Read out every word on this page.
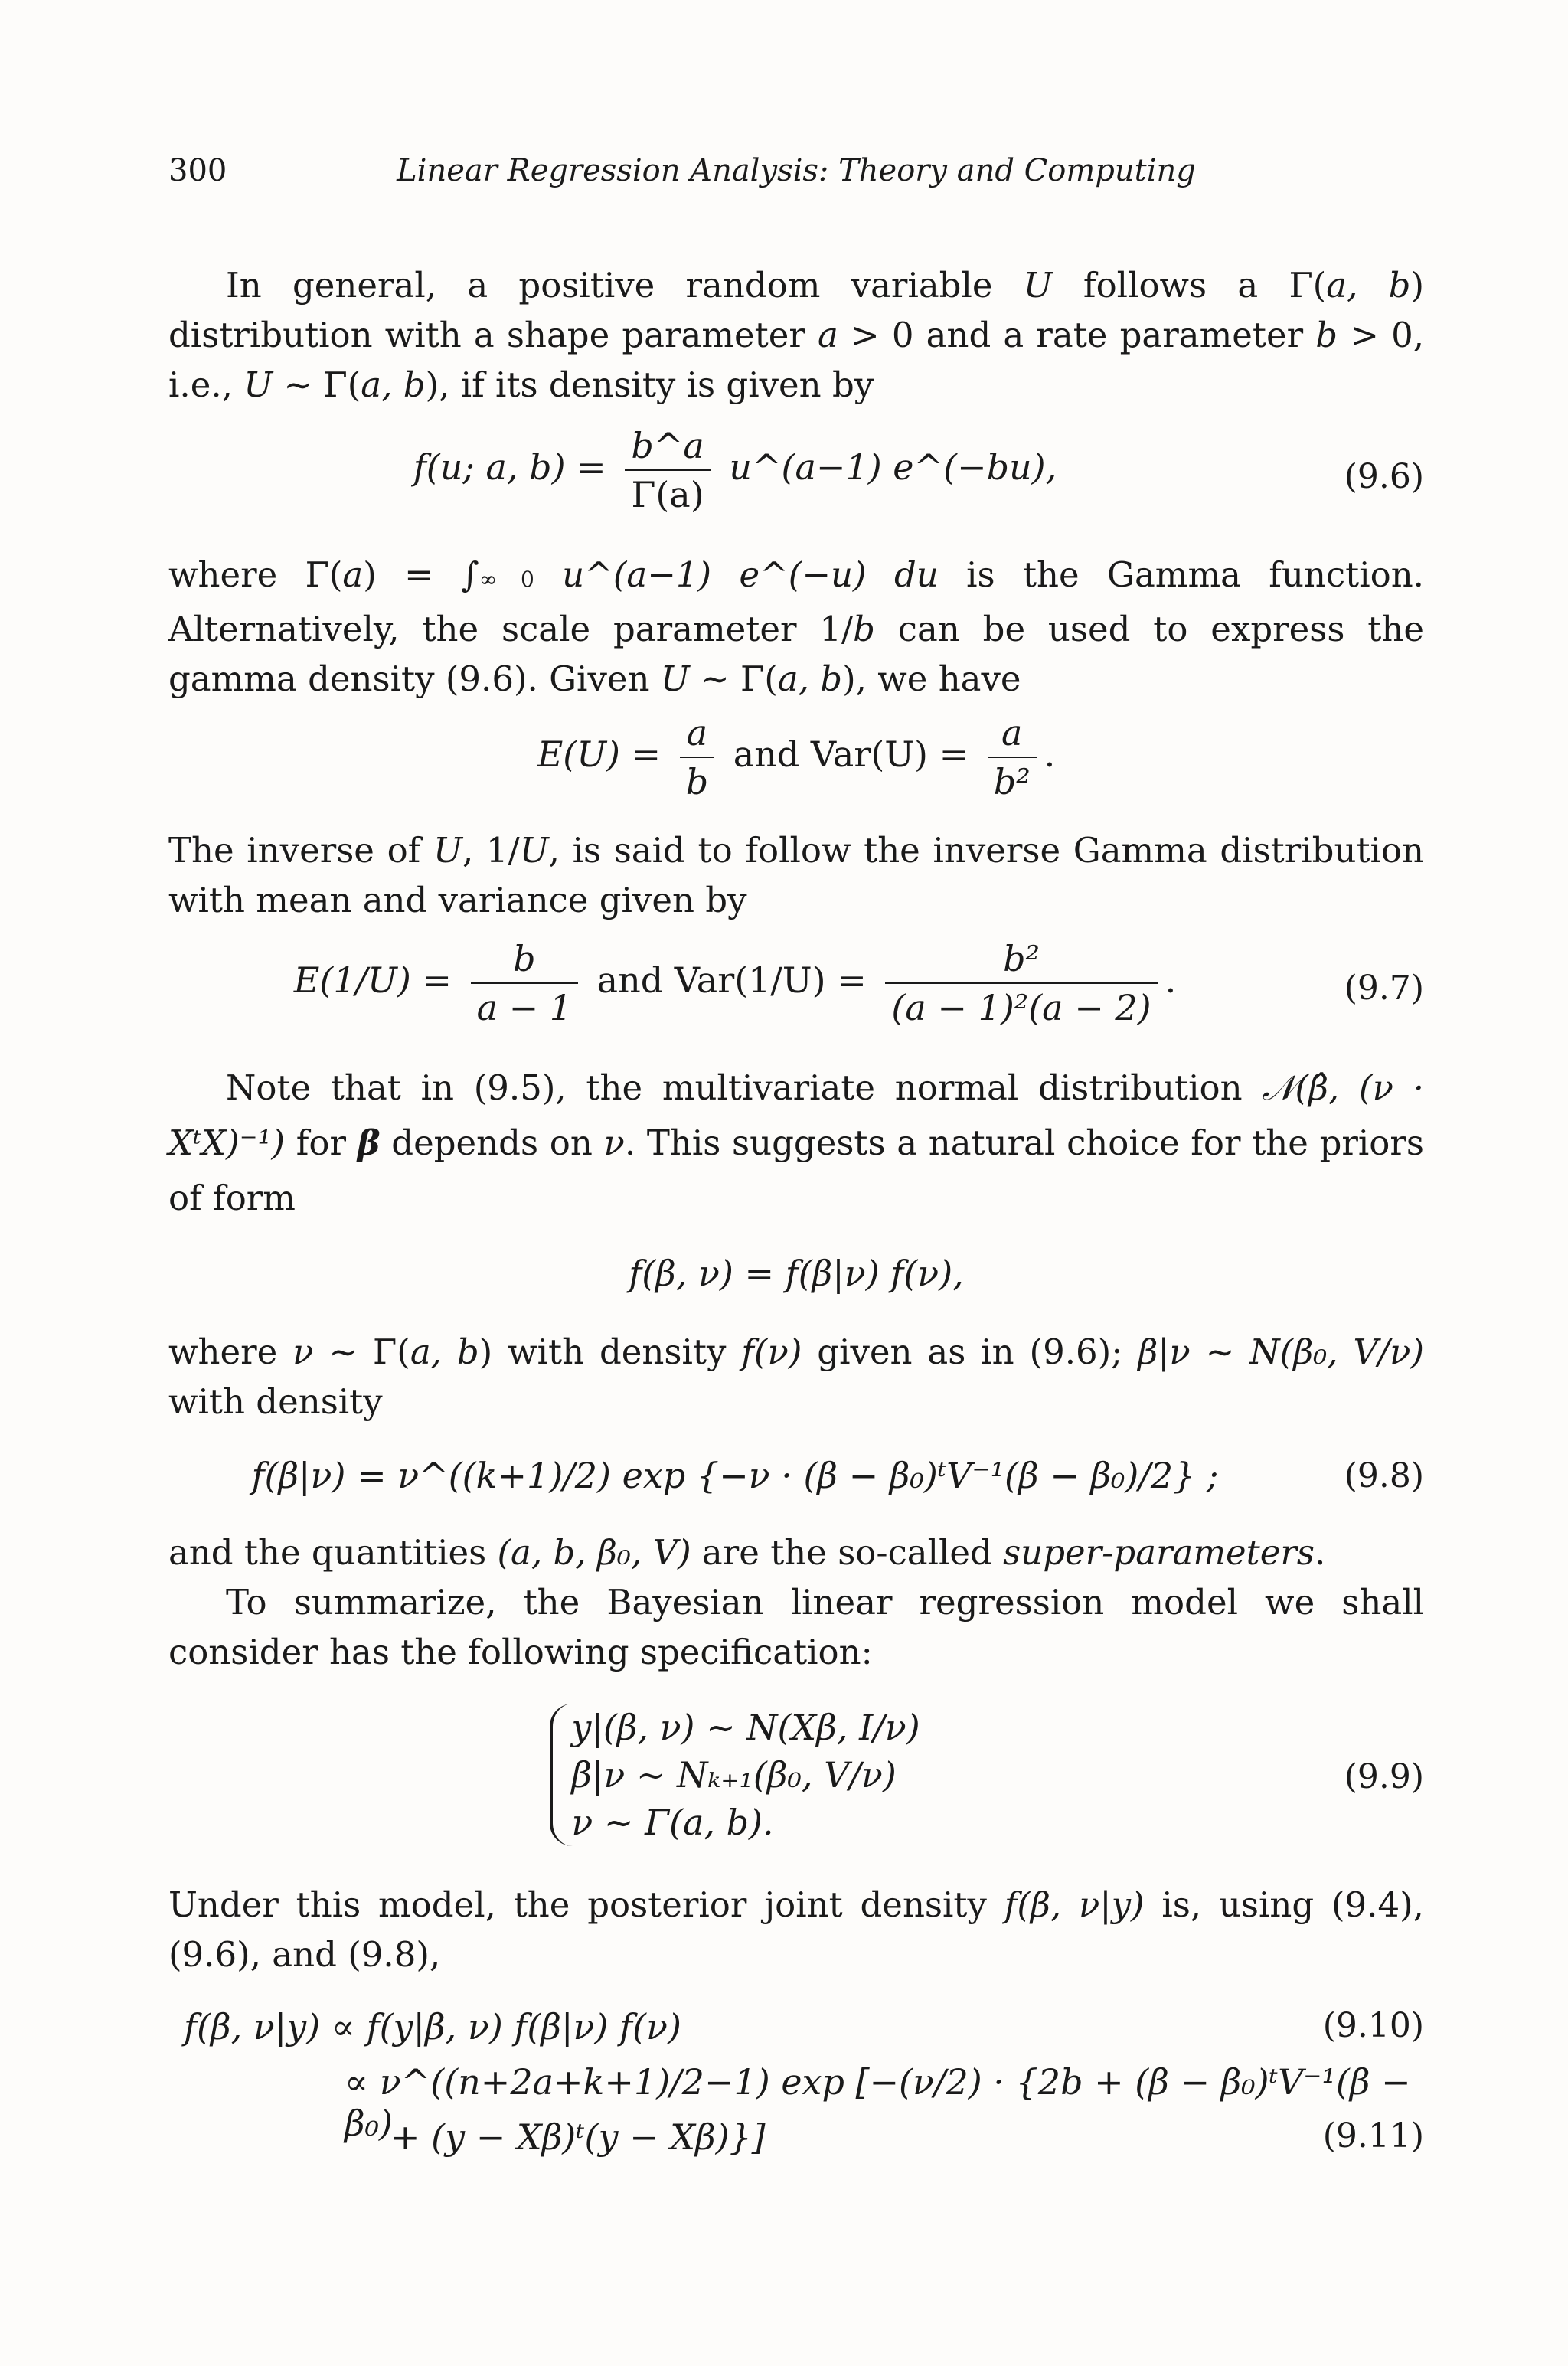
300	Linear Regression Analysis: Theory and Computing
In general, a positive random variable U follows a Γ(a, b) distribution with a shape parameter a > 0 and a rate parameter b > 0, i.e., U ∼ Γ(a, b), if its density is given by
f(u; a, $b) = \frac{b\^{}a}{\Gamma(a)}$ u^(a−1) e^(−bu),	(9.6)
where Γ(a) = ∫∞ 0 u^(a−1) e^(−u) du is the Gamma function. Alternatively, the scale parameter 1/b can be used to express the gamma density (9.6). Given U ∼ Γ(a, b), we have
$E(U) = \frac{a}{b}$ and $Var(U) = \frac{a}{\text{b²}}$ .
The inverse of U, 1/U, is said to follow the inverse Gamma distribution with mean and variance given by
$E(1/U) = \frac{b}{a - 1}$ and $Var(1/U) = \frac{\text{b²}}{\text{(a − 1)²(a − 2)}}$ .	(9.7)
Note that in (9.5), the multivariate normal distribution 𝒩(β̂, (ν · XᵗX)⁻¹) for β depends on ν. This suggests a natural choice for the priors of form
f(β, ν) = f(β|ν) f(ν),
where ν ∼ Γ(a, b) with density f(ν) given as in (9.6); β|ν ∼ N(β₀, V/ν) with density
f(β|ν) = ν^((k+1)/2) exp {−ν · (β − β₀)ᵗV⁻¹(β − β₀)/2} ;	(9.8)
and the quantities (a, b, β₀, V) are the so-called super-parameters.
To summarize, the Bayesian linear regression model we shall consider has the following specification:
y|(β, ν) ∼ N(Xβ, I/ν)
β|ν ∼ Nₖ₊₁(β₀, V/ν)
ν ∼ Γ(a, b).
(9.9)
Under this model, the posterior joint density f(β, ν|y) is, using (9.4), (9.6), and (9.8),
f(β, ν|y) ∝ f(y|β, ν) f(β|ν) f(ν)	(9.10)
∝ ν^((n+2a+k+1)/2−1) exp [−(ν/2) · {2b + (β − β₀)ᵗV⁻¹(β − β₀)
+ (y − Xβ)ᵗ(y − Xβ)}]	(9.11)
